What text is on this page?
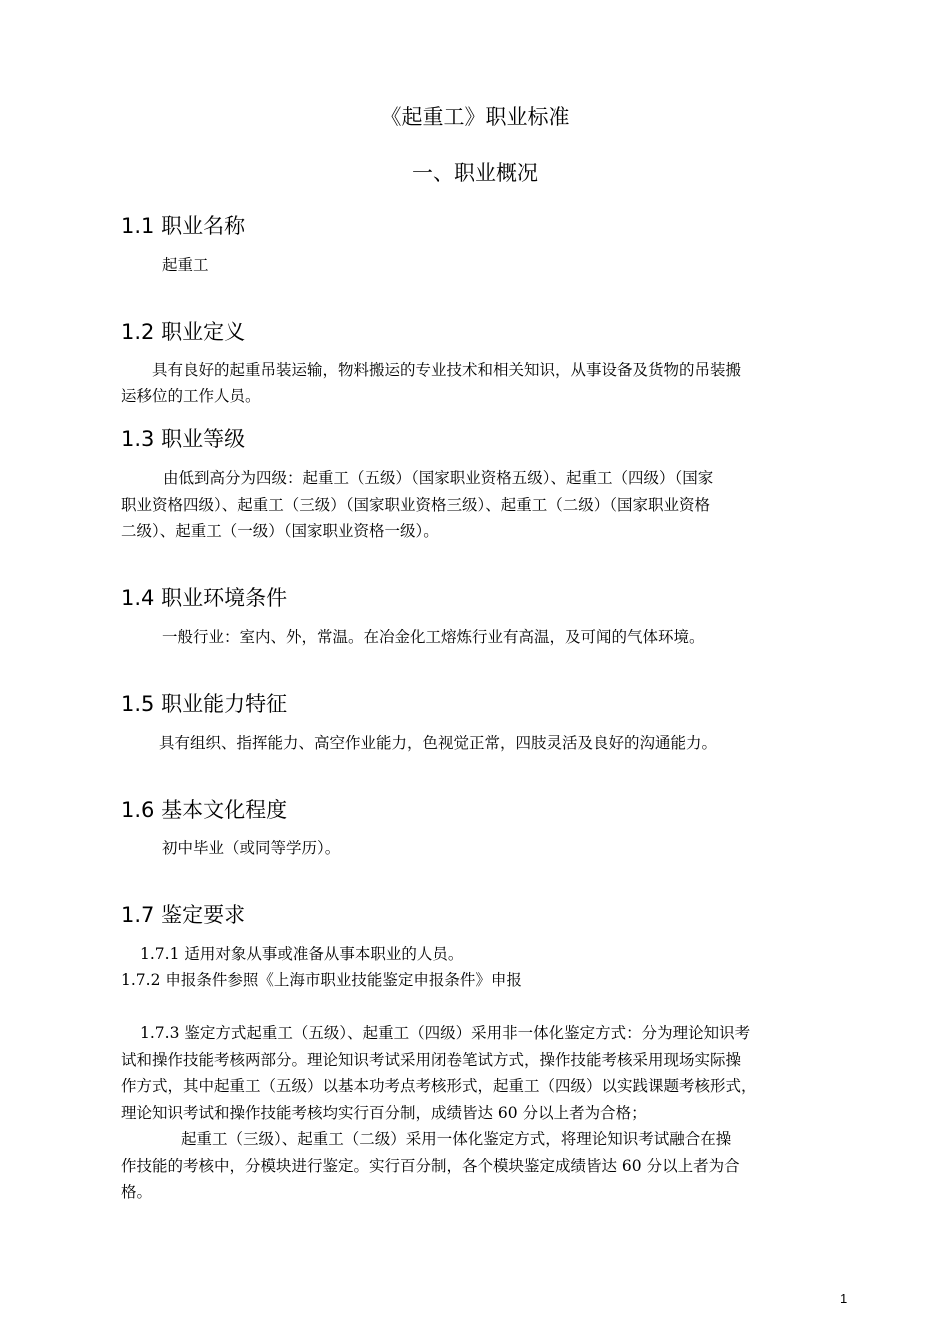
《起重工》职业标准
一、职业概况
1.1 职业名称
起重工
1.2 职业定义
具有良好的起重吊装运输，物料搬运的专业技术和相关知识，从事设备及货物的吊装搬
运移位的工作人员。
1.3 职业等级
由低到高分为四级：起重工（五级）（国家职业资格五级）、起重工（四级）（国家
职业资格四级）、起重工（三级）（国家职业资格三级）、起重工（二级）（国家职业资格
二级）、起重工（一级）（国家职业资格一级）。
1.4 职业环境条件
一般行业：室内、外，常温。在冶金化工熔炼行业有高温，及可闻的气体环境。
1.5 职业能力特征
具有组织、指挥能力、高空作业能力，色视觉正常，四肢灵活及良好的沟通能力。
1.6 基本文化程度
初中毕业（或同等学历）。
1.7 鉴定要求
1.7.1 适用对象从事或准备从事本职业的人员。
1.7.2 申报条件参照《上海市职业技能鉴定申报条件》申报
1.7.3 鉴定方式起重工（五级）、起重工（四级）采用非一体化鉴定方式：分为理论知识考
试和操作技能考核两部分。理论知识考试采用闭卷笔试方式，操作技能考核采用现场实际操
作方式，其中起重工（五级）以基本功考点考核形式，起重工（四级）以实践课题考核形式，
理论知识考试和操作技能考核均实行百分制，成绩皆达 60 分以上者为合格；
起重工（三级）、起重工（二级）采用一体化鉴定方式，将理论知识考试融合在操
作技能的考核中，分模块进行鉴定。实行百分制，各个模块鉴定成绩皆达 60 分以上者为合
格。
1
